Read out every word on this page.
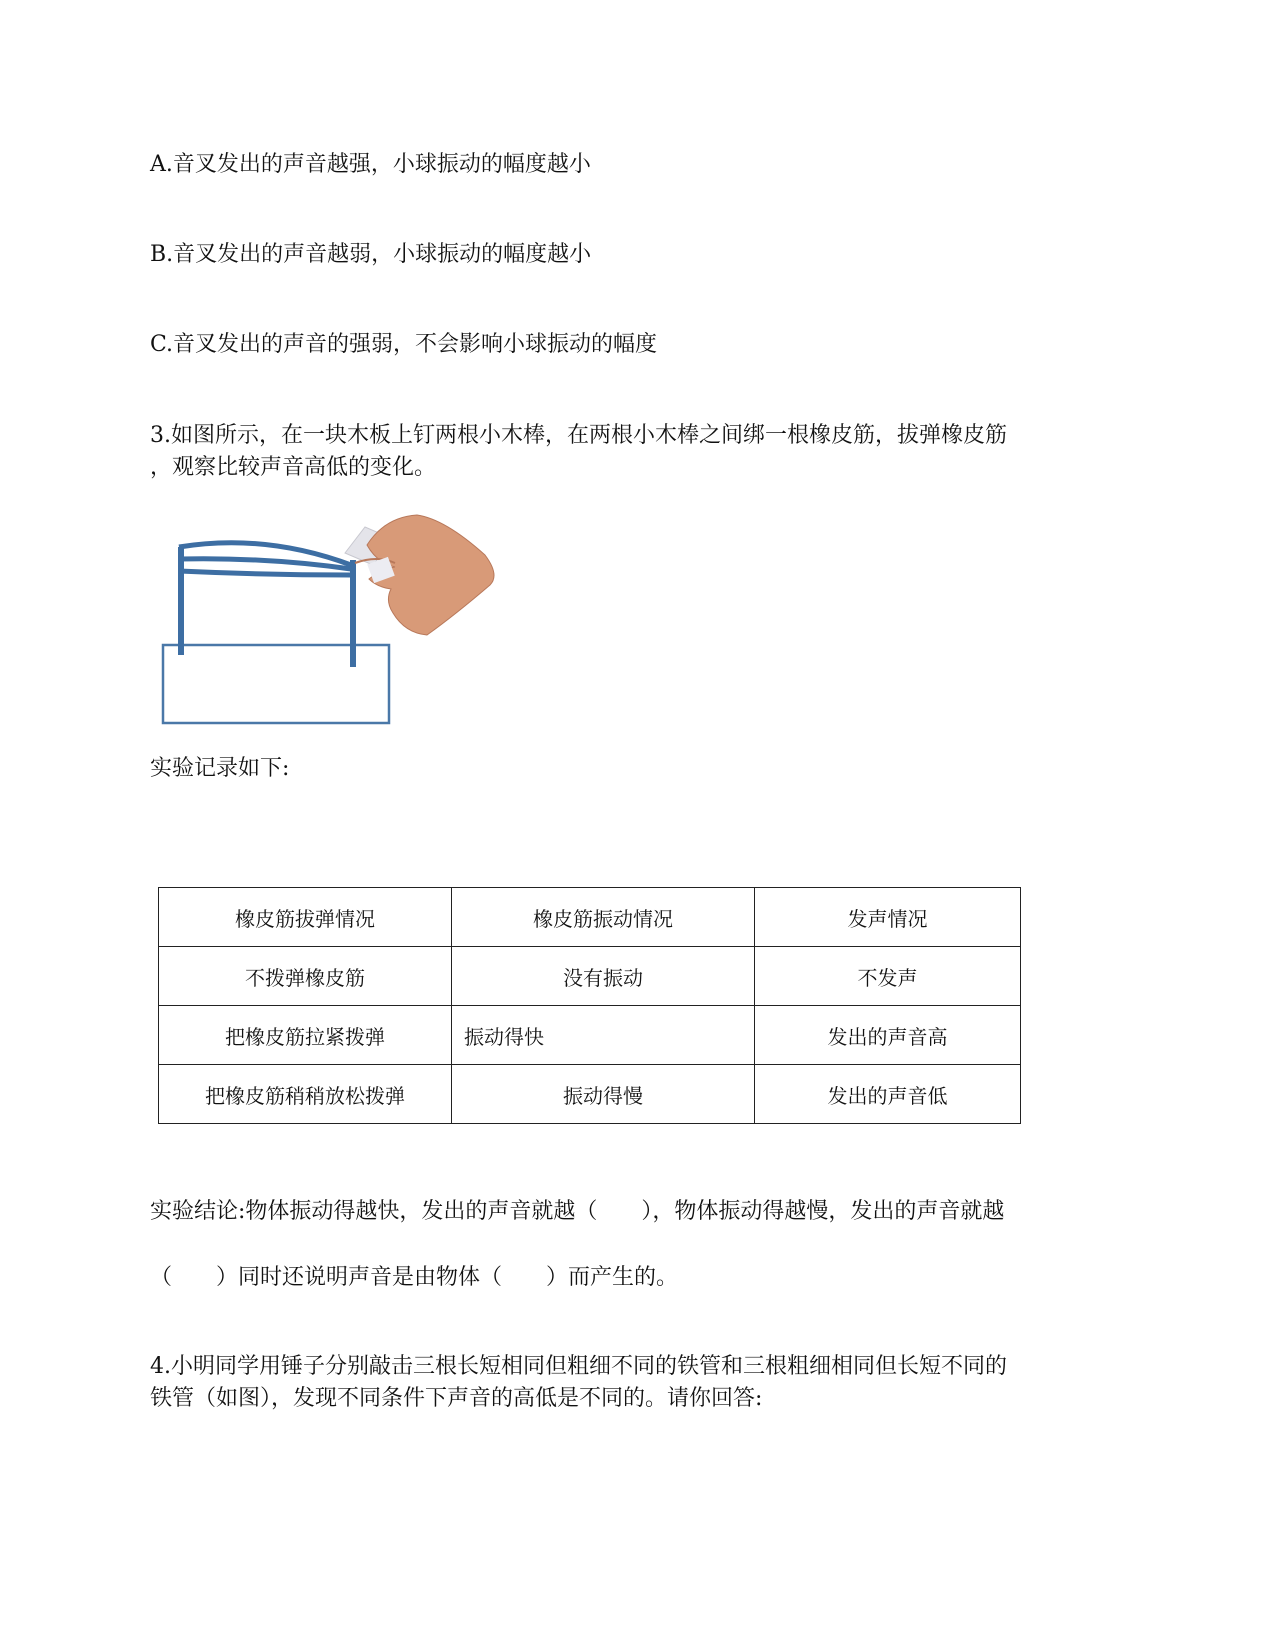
A.音叉发出的声音越强，小球振动的幅度越小
B.音叉发出的声音越弱，小球振动的幅度越小
C.音叉发出的声音的强弱，不会影响小球振动的幅度
3.如图所示，在一块木板上钉两根小木棒，在两根小木棒之间绑一根橡皮筋，拔弹橡皮筋
，观察比较声音高低的变化。
实验记录如下:
橡皮筋拔弹情况	橡皮筋振动情况	发声情况
不拨弹橡皮筋	没有振动	不发声
把橡皮筋拉紧拨弹	振动得快	发出的声音高
把橡皮筋稍稍放松拨弹	振动得慢	发出的声音低
实验结论:物体振动得越快，发出的声音就越（　　），物体振动得越慢，发出的声音就越
（　　）同时还说明声音是由物体（　　）而产生的。
4.小明同学用锤子分别敲击三根长短相同但粗细不同的铁管和三根粗细相同但长短不同的
铁管（如图），发现不同条件下声音的高低是不同的。请你回答:
